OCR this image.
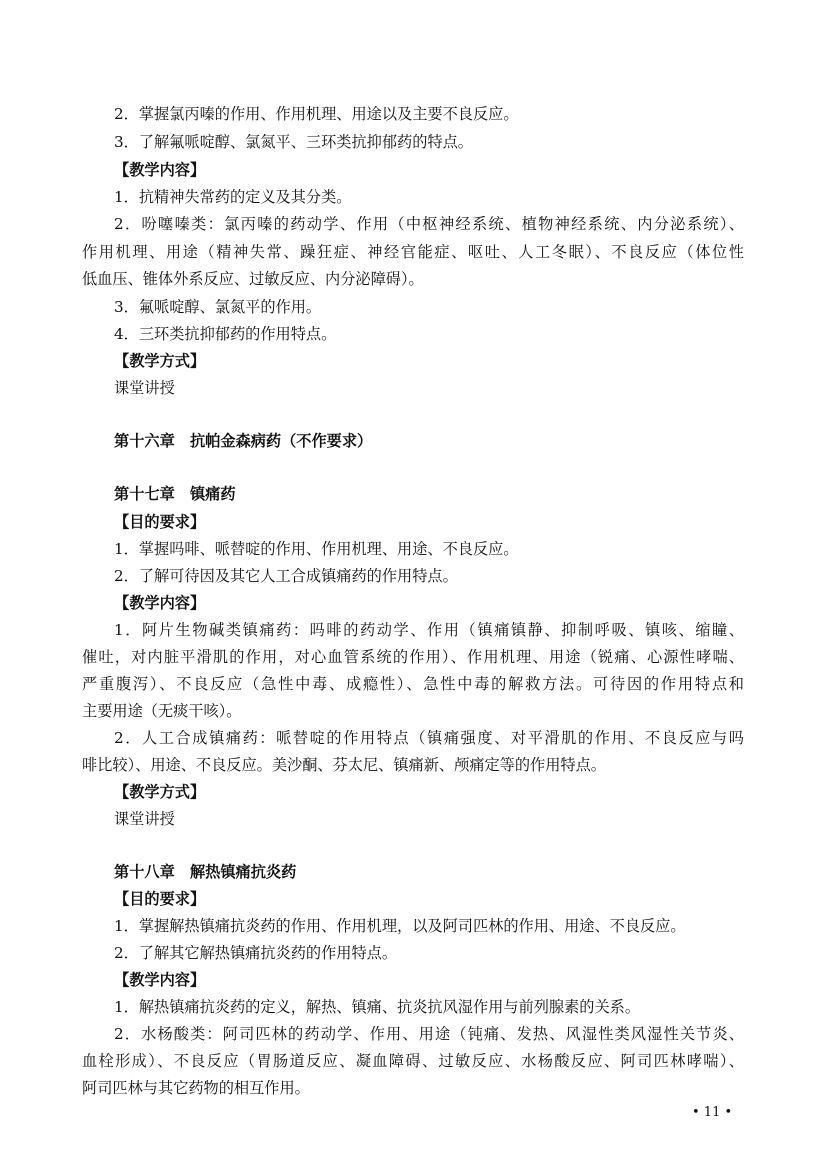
2．掌握氯丙嗪的作用、作用机理、用途以及主要不良反应。
3．了解氟哌啶醇、氯氮平、三环类抗抑郁药的特点。
【教学内容】
1．抗精神失常药的定义及其分类。
2．吩噻嗪类：氯丙嗪的药动学、作用（中枢神经系统、植物神经系统、内分泌系统）、
作用机理、用途（精神失常、躁狂症、神经官能症、呕吐、人工冬眠）、不良反应（体位性
低血压、锥体外系反应、过敏反应、内分泌障碍）。
3．氟哌啶醇、氯氮平的作用。
4．三环类抗抑郁药的作用特点。
【教学方式】
课堂讲授
第十六章　抗帕金森病药（不作要求）
第十七章　镇痛药
【目的要求】
1．掌握吗啡、哌替啶的作用、作用机理、用途、不良反应。
2．了解可待因及其它人工合成镇痛药的作用特点。
【教学内容】
1．阿片生物碱类镇痛药：吗啡的药动学、作用（镇痛镇静、抑制呼吸、镇咳、缩瞳、
催吐，对内脏平滑肌的作用，对心血管系统的作用）、作用机理、用途（锐痛、心源性哮喘、
严重腹泻）、不良反应（急性中毒、成瘾性）、急性中毒的解救方法。可待因的作用特点和
主要用途（无痰干咳）。
2．人工合成镇痛药：哌替啶的作用特点（镇痛强度、对平滑肌的作用、不良反应与吗
啡比较）、用途、不良反应。美沙酮、芬太尼、镇痛新、颅痛定等的作用特点。
【教学方式】
课堂讲授
第十八章　解热镇痛抗炎药
【目的要求】
1．掌握解热镇痛抗炎药的作用、作用机理，以及阿司匹林的作用、用途、不良反应。
2．了解其它解热镇痛抗炎药的作用特点。
【教学内容】
1．解热镇痛抗炎药的定义，解热、镇痛、抗炎抗风湿作用与前列腺素的关系。
2．水杨酸类：阿司匹林的药动学、作用、用途（钝痛、发热、风湿性类风湿性关节炎、
血栓形成）、不良反应（胃肠道反应、凝血障碍、过敏反应、水杨酸反应、阿司匹林哮喘）、
阿司匹林与其它药物的相互作用。
• 11 •
